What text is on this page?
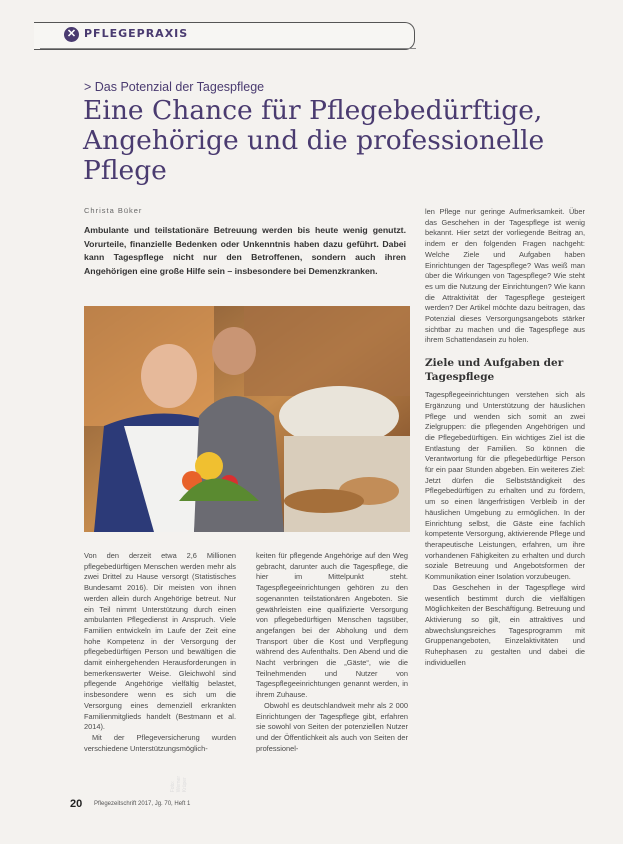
✕ PFLEGEPRAXIS
> Das Potenzial der Tagespflege
Eine Chance für Pflegebedürftige, Angehörige und die professionelle Pflege
Christa Büker

Ambulante und teilstationäre Betreuung werden bis heute wenig genutzt. Vorurteile, finanzielle Bedenken oder Unkenntnis haben dazu geführt. Dabei kann Tagespflege nicht nur den Betroffenen, sondern auch ihren Angehörigen eine große Hilfe sein – insbesondere bei Demenzkranken.

Foto: Werner Krüper

Von den derzeit etwa 2,6 Millionen pflegebedürftigen Menschen werden mehr als zwei Drittel zu Hause versorgt (Statistisches Bundesamt 2016). Dir meisten von ihnen werden allein durch Angehörige betreut. Nur ein Teil nimmt Unterstützung durch einen ambulanten Pflegedienst in Anspruch. Viele Familien entwickeln im Laufe der Zeit eine hohe Kompetenz in der Versorgung der pflegebedürftigen Person und bewältigen die damit einhergehenden Herausforderungen in bemerkenswerter Weise. Gleichwohl sind pflegende Angehörige vielfältig belastet, insbesondere wenn es sich um die Versorgung eines demenziell erkrankten Familienmitglieds handelt (Bestmann et al. 2014).

Mit der Pflegeversicherung wurden verschiedene Unterstützungsmöglich-

keiten für pflegende Angehörige auf den Weg gebracht, darunter auch die Tagespflege, die hier im Mittelpunkt steht. Tagespflegeeinrichtungen gehören zu den sogenannten teilstationären Angeboten. Sie gewährleisten eine qualifizierte Versorgung von pflegebedürftigen Menschen tagsüber, angefangen bei der Abholung und dem Transport über die Kost und Verpflegung während des Aufenthalts. Den Abend und die Nacht verbringen die „Gäste“, wie die Teilnehmenden und Nutzer von Tagespflegeeinrichtungen genannt werden, in ihrem Zuhause.

Obwohl es deutschlandweit mehr als 2 000 Einrichtungen der Tagespflege gibt, erfahren sie sowohl von Seiten der potenziellen Nutzer und der Öffentlichkeit als auch von Seiten der professionel-

len Pflege nur geringe Aufmerksamkeit. Über das Geschehen in der Tagespflege ist wenig bekannt. Hier setzt der vorliegende Beitrag an, indem er den folgenden Fragen nachgeht: Welche Ziele und Aufgaben haben Einrichtungen der Tagespflege? Was weiß man über die Wirkungen von Tagespflege? Wie steht es um die Nutzung der Einrichtungen? Wie kann die Attraktivität der Tagespflege gesteigert werden? Der Artikel möchte dazu beitragen, das Potenzial dieses Versorgungsangebots stärker sichtbar zu machen und die Tagespflege aus ihrem Schattendasein zu holen.

Ziele und Aufgaben der Tagespflege

Tagespflegeeinrichtungen verstehen sich als Ergänzung und Unterstützung der häuslichen Pflege und wenden sich somit an zwei Zielgruppen: die pflegenden Angehörigen und die Pflegebedürftigen. Ein wichtiges Ziel ist die Entlastung der Familien. So können die Verantwortung für die pflegebedürftige Person für ein paar Stunden abgeben. Ein weiteres Ziel: Jetzt dürfen die Selbstständigkeit des Pflegebedürftigen zu erhalten und zu fördern, um so einen längerfristigen Verbleib in der häuslichen Umgebung zu ermöglichen. In der Einrichtung selbst, die Gäste eine fachlich kompetente Versorgung, aktivierende Pflege und therapeutische Leistungen, erfahren, um ihre vorhandenen Fähigkeiten zu erhalten und durch soziale Betreuung und Angebotsformen der Kommunikation einer Isolation vorzubeugen.

Das Geschehen in der Tagespflege wird wesentlich bestimmt durch die vielfältigen Möglichkeiten der Beschäftigung. Betreuung und Aktivierung so gilt, ein attraktives und abwechslungsreiches Tagesprogramm mit Gruppenangeboten, Einzelaktivitäten und Ruhephasen zu gestalten und dabei die individuellen

20 Pflegezeitschrift 2017, Jg. 70, Heft 1
